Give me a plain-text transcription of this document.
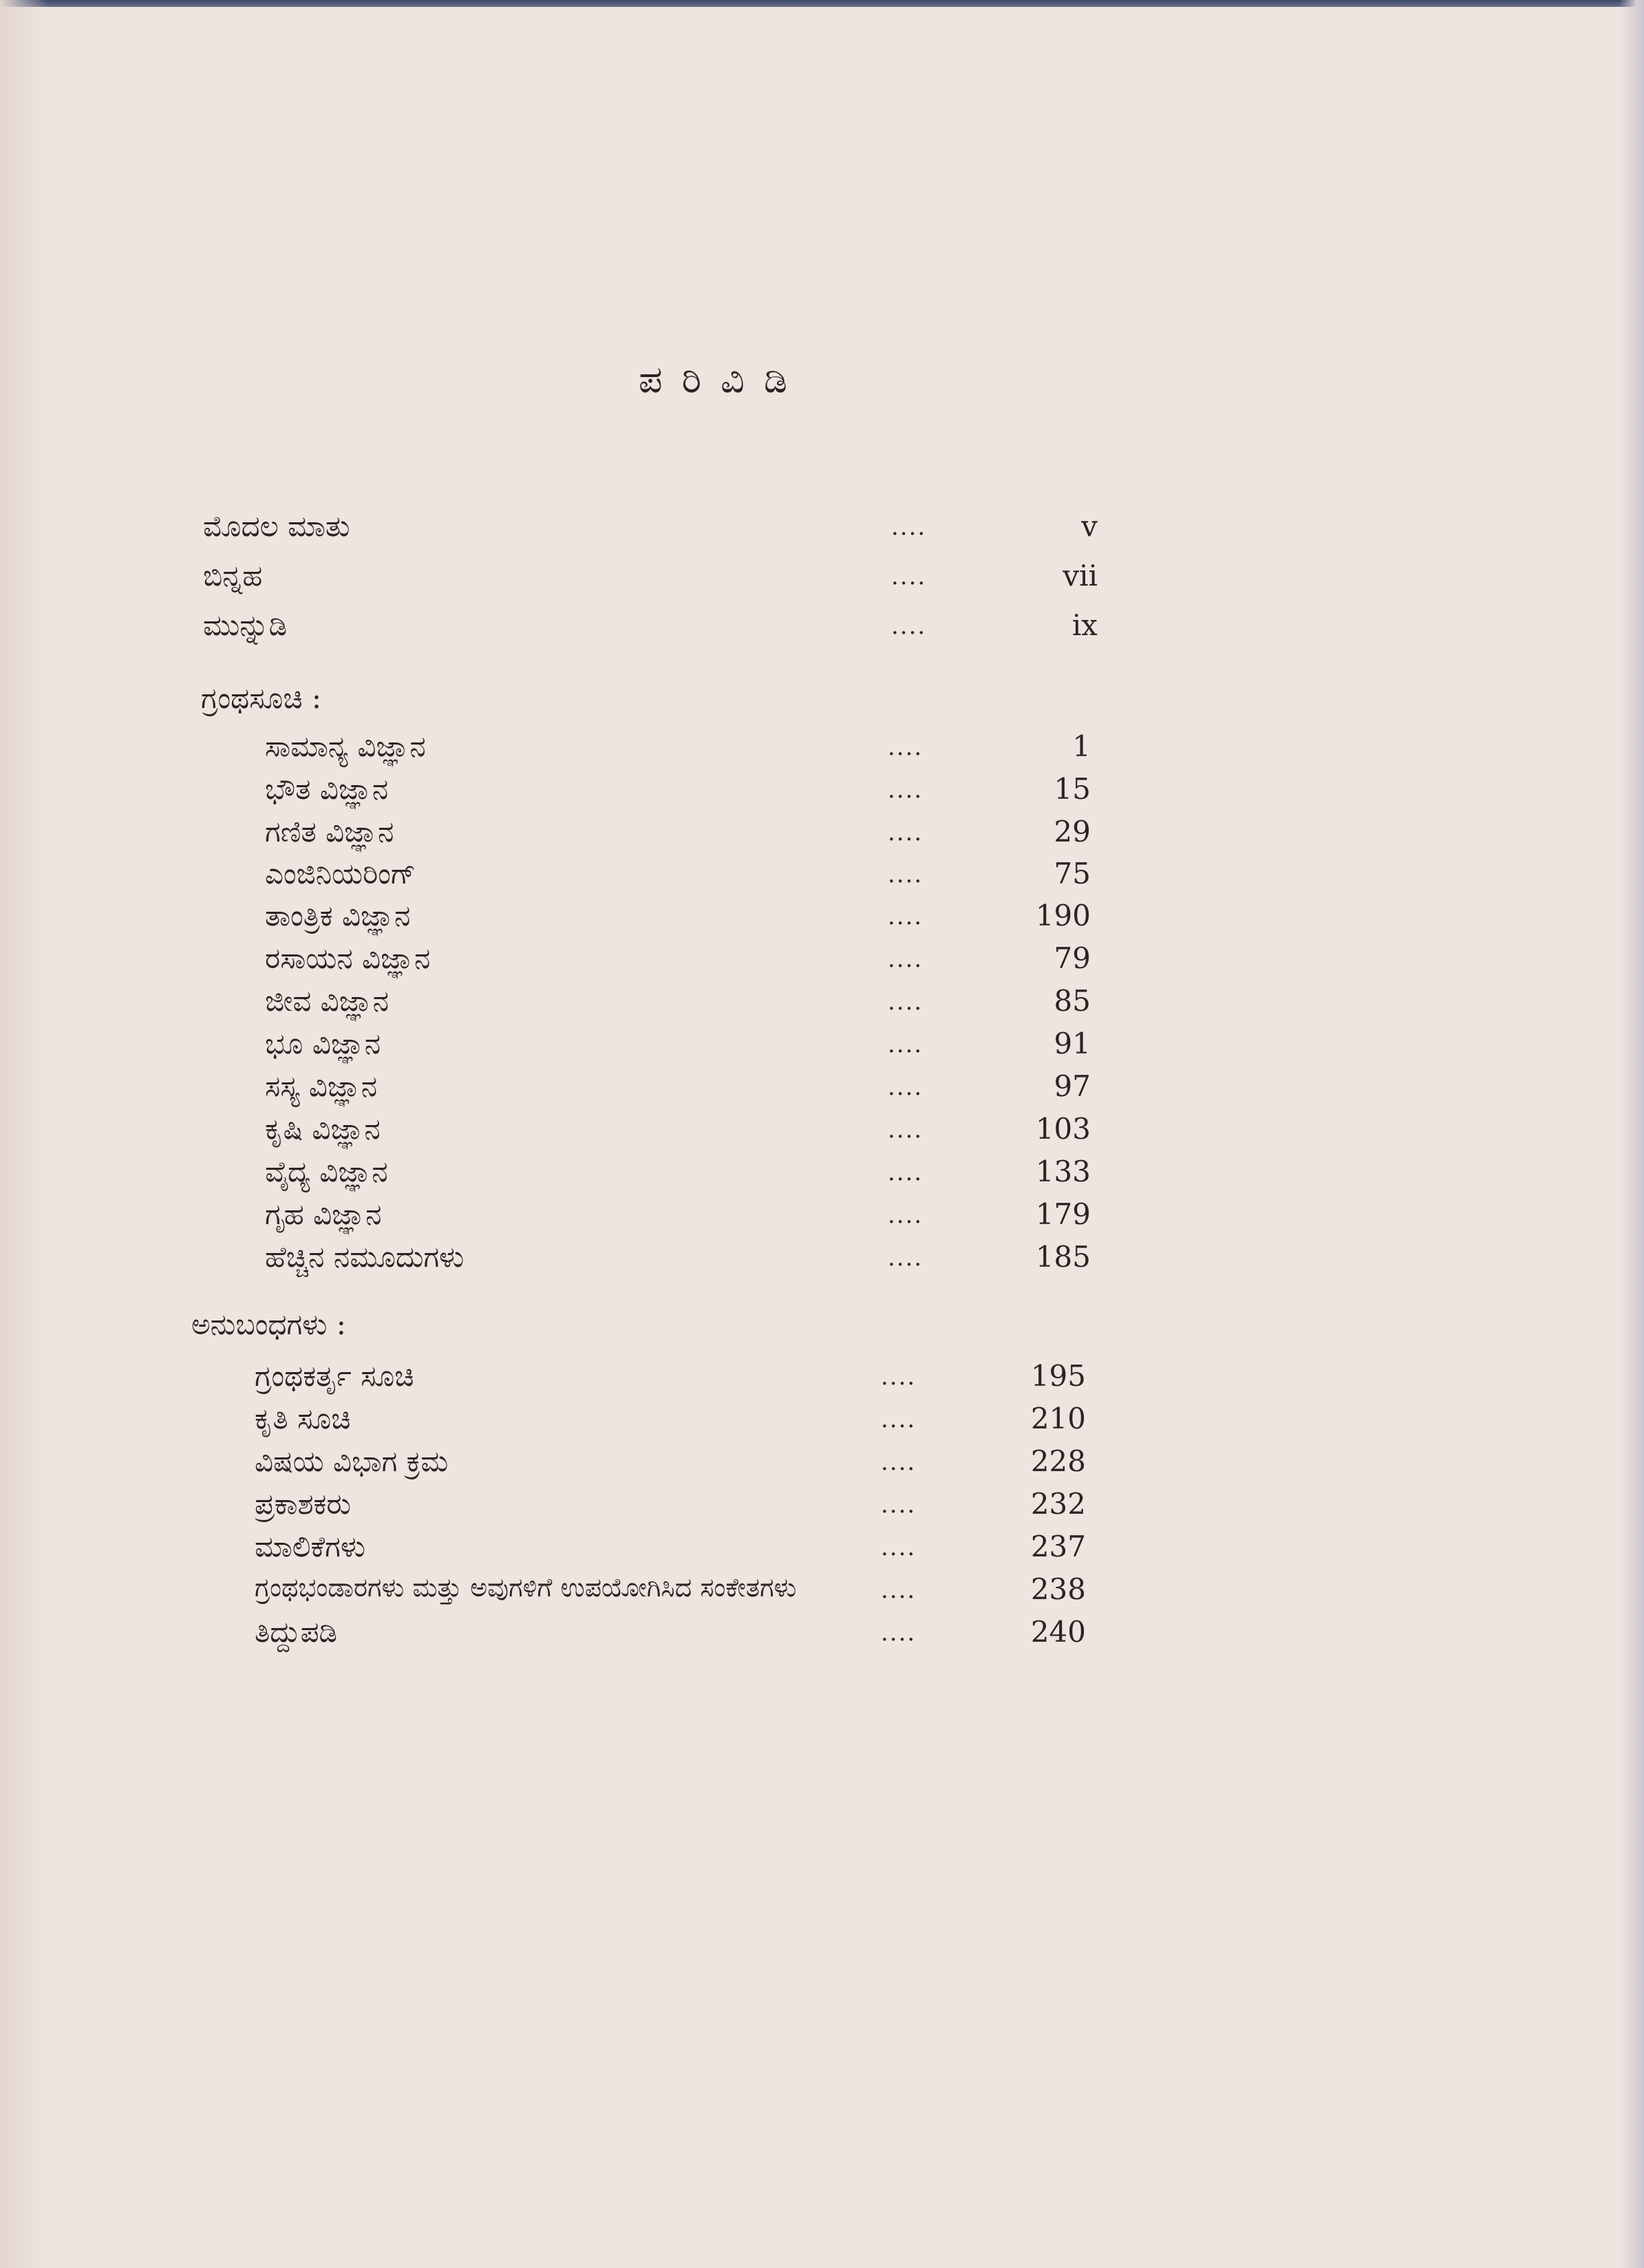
ಪರಿವಿಡಿ
ಮೊದಲ ಮಾತು	....	v
ಬಿನ್ನಹ	....	vii
ಮುನ್ನುಡಿ	....	ix
ಗ್ರಂಥಸೂಚಿ :
ಸಾಮಾನ್ಯ ವಿಜ್ಞಾನ	....	1
ಭೌತ ವಿಜ್ಞಾನ	....	15
ಗಣಿತ ವಿಜ್ಞಾನ	....	29
ಎಂಜಿನಿಯರಿಂಗ್	....	75
ತಾಂತ್ರಿಕ ವಿಜ್ಞಾನ	....	190
ರಸಾಯನ ವಿಜ್ಞಾನ	....	79
ಜೀವ ವಿಜ್ಞಾನ	....	85
ಭೂ ವಿಜ್ಞಾನ	....	91
ಸಸ್ಯ ವಿಜ್ಞಾನ	....	97
ಕೃಷಿ ವಿಜ್ಞಾನ	....	103
ವೈದ್ಯ ವಿಜ್ಞಾನ	....	133
ಗೃಹ ವಿಜ್ಞಾನ	....	179
ಹೆಚ್ಚಿನ ನಮೂದುಗಳು	....	185
ಅನುಬಂಧಗಳು :
ಗ್ರಂಥಕರ್ತೃ ಸೂಚಿ	....	195
ಕೃತಿ ಸೂಚಿ	....	210
ವಿಷಯ ವಿಭಾಗ ಕ್ರಮ	....	228
ಪ್ರಕಾಶಕರು	....	232
ಮಾಲಿಕೆಗಳು	....	237
ಗ್ರಂಥಭಂಡಾರಗಳು ಮತ್ತು ಅವುಗಳಿಗೆ ಉಪಯೋಗಿಸಿದ ಸಂಕೇತಗಳು	....	238
ತಿದ್ದುಪಡಿ	....	240
